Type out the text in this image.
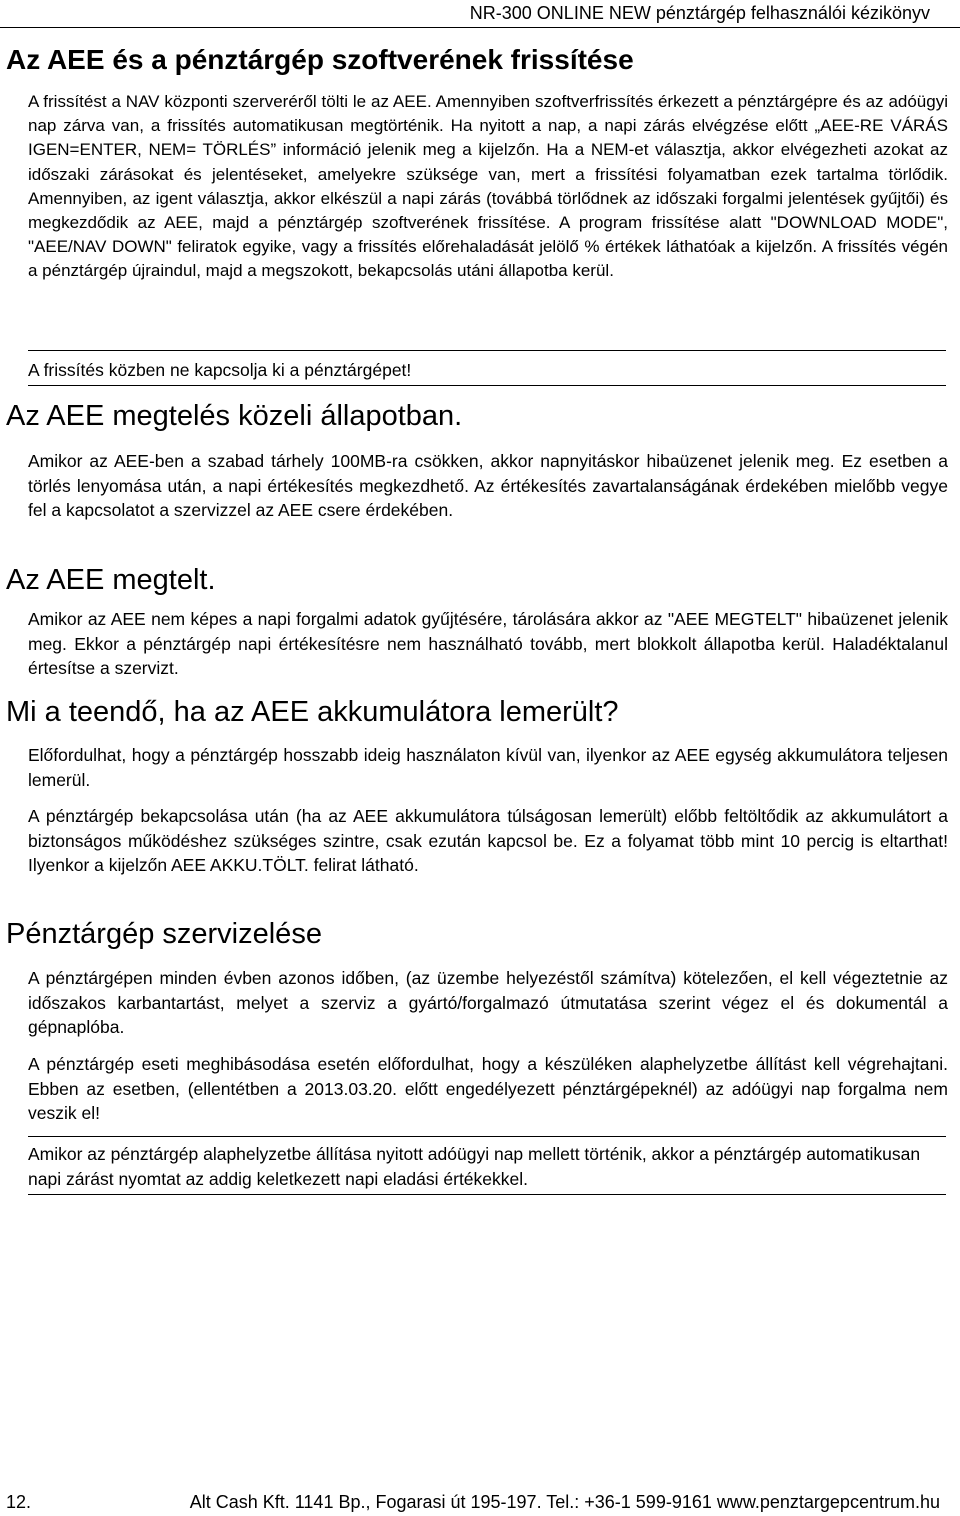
NR-300 ONLINE NEW pénztárgép felhasználói kézikönyv
Az AEE és a pénztárgép szoftverének frissítése

A frissítést a NAV központi szerveréről tölti le az AEE. Amennyiben szoftverfrissítés érkezett a pénztárgépre és az adóügyi nap zárva van, a frissítés automatikusan megtörténik. Ha nyitott a nap, a napi zárás elvégzése előtt „AEE-RE VÁRÁS IGEN=ENTER, NEM= TÖRLÉS” információ jelenik meg a kijelzőn. Ha a NEM-et választja, akkor elvégezheti azokat az időszaki zárásokat és jelentéseket, amelyekre szüksége van, mert a frissítési folyamatban ezek tartalma törlődik. Amennyiben, az igent választja, akkor elkészül a napi zárás (továbbá törlődnek az időszaki forgalmi jelentések gyűjtői) és megkezdődik az AEE, majd a pénztárgép szoftverének frissítése. A program frissítése alatt "DOWNLOAD MODE", "AEE/NAV DOWN" feliratok egyike, vagy a frissítés előrehaladását jelölő % értékek láthatóak a kijelzőn. A frissítés végén a pénztárgép újraindul, majd a megszokott, bekapcsolás utáni állapotba kerül.

A frissítés közben ne kapcsolja ki a pénztárgépet!

Az AEE megtelés közeli állapotban.

Amikor az AEE-ben a szabad tárhely 100MB-ra csökken, akkor napnyitáskor hibaüzenet jelenik meg. Ez esetben a törlés lenyomása után, a napi értékesítés megkezdhető. Az értékesítés zavartalanságának érdekében mielőbb vegye fel a kapcsolatot a szervizzel az AEE csere érdekében.

Az AEE megtelt.

Amikor az AEE nem képes a napi forgalmi adatok gyűjtésére, tárolására akkor az "AEE MEGTELT" hibaüzenet jelenik meg. Ekkor a pénztárgép napi értékesítésre nem használható tovább, mert blokkolt állapotba kerül. Haladéktalanul értesítse a szervizt.

Mi a teendő, ha az AEE akkumulátora lemerült?

Előfordulhat, hogy a pénztárgép hosszabb ideig használaton kívül van, ilyenkor az AEE egység akkumulátora teljesen lemerül.

A pénztárgép bekapcsolása után (ha az AEE akkumulátora túlságosan lemerült) előbb feltöltődik az akkumulátort a biztonságos működéshez szükséges szintre, csak ezután kapcsol be. Ez a folyamat több mint 10 percig is eltarthat! Ilyenkor a kijelzőn AEE AKKU.TÖLT. felirat látható.

Pénztárgép szervizelése

A pénztárgépen minden évben azonos időben, (az üzembe helyezéstől számítva) kötelezően, el kell végeztetnie az időszakos karbantartást, melyet a szerviz a gyártó/forgalmazó útmutatása szerint végez el és dokumentál a gépnaplóba.

A pénztárgép eseti meghibásodása esetén előfordulhat, hogy a készüléken alaphelyzetbe állítást kell végrehajtani. Ebben az esetben, (ellentétben a 2013.03.20. előtt engedélyezett pénztárgépeknél) az adóügyi nap forgalma nem veszik el!

Amikor az pénztárgép alaphelyzetbe állítása nyitott adóügyi nap mellett történik, akkor a pénztárgép automatikusan napi zárást nyomtat az addig keletkezett napi eladási értékekkel.

12.	Alt Cash Kft. 1141 Bp., Fogarasi út 195-197. Tel.: +36-1 599-9161 www.penztargepcentrum.hu
